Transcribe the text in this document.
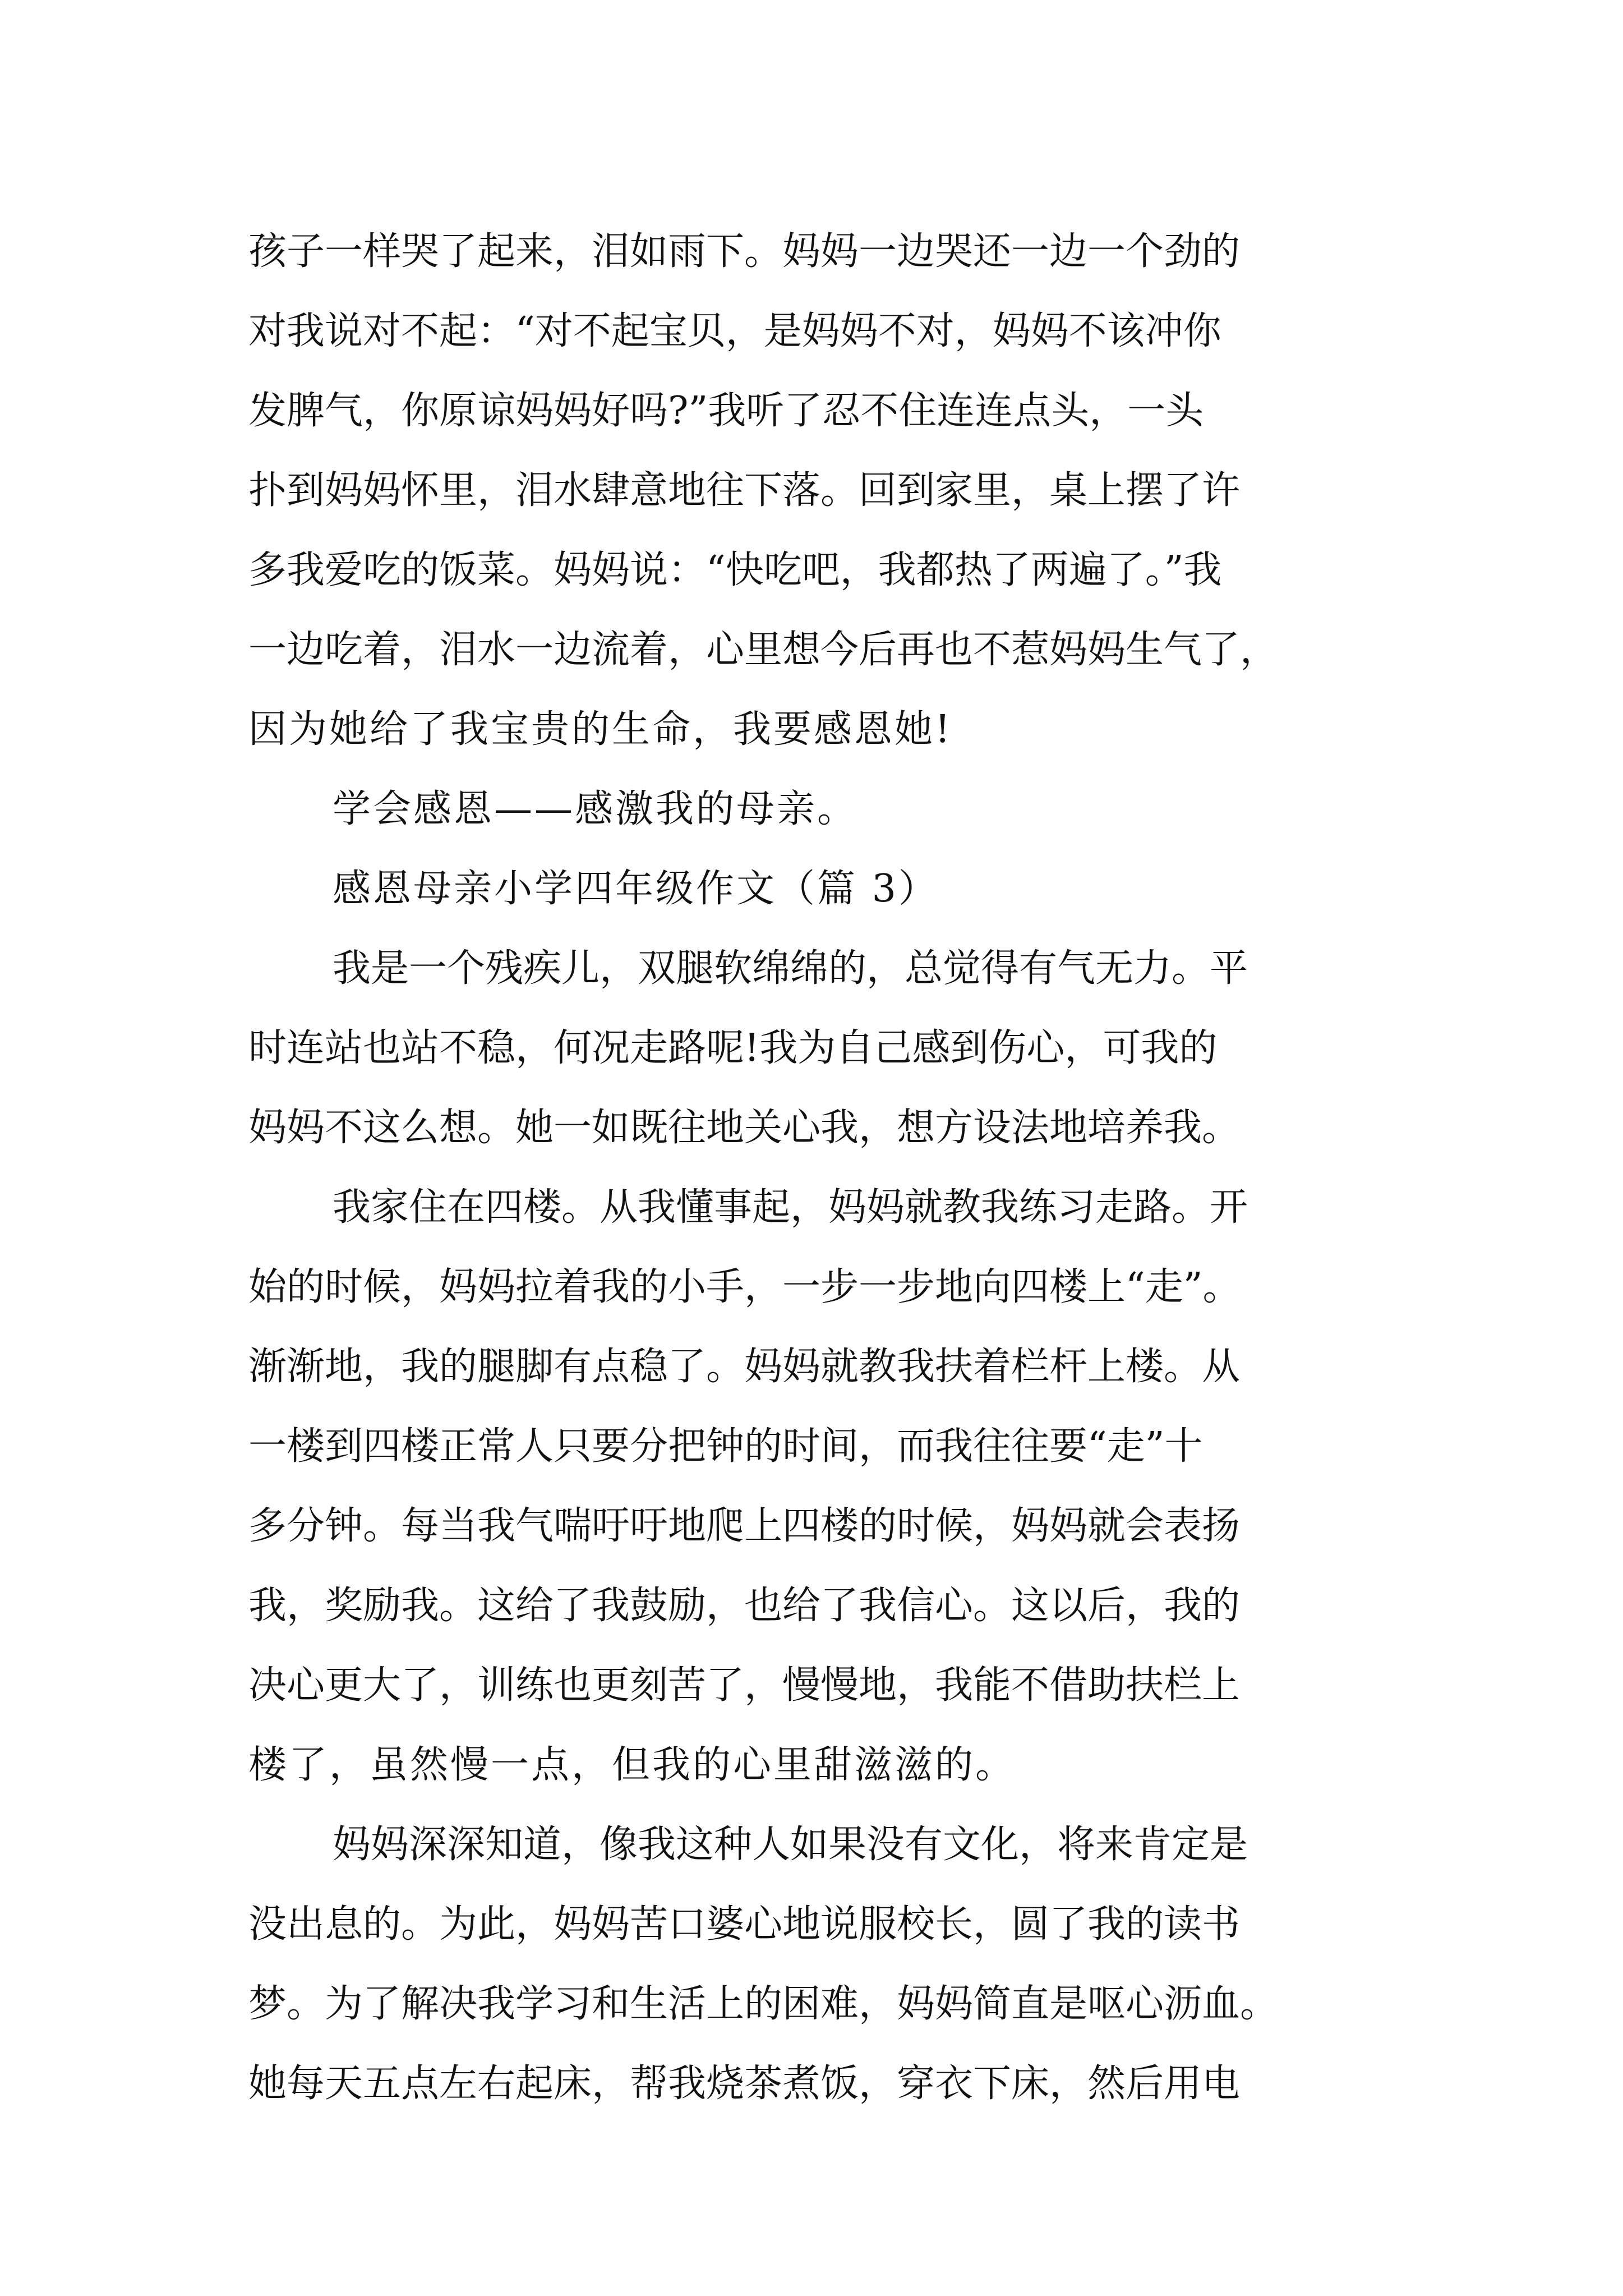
孩子一样哭了起来，泪如雨下。妈妈一边哭还一边一个劲的
对我说对不起：“对不起宝贝，是妈妈不对，妈妈不该冲你
发脾气，你原谅妈妈好吗?”我听了忍不住连连点头，一头
扑到妈妈怀里，泪水肆意地往下落。回到家里，桌上摆了许
多我爱吃的饭菜。妈妈说：“快吃吧，我都热了两遍了。”我
一边吃着，泪水一边流着，心里想今后再也不惹妈妈生气了，
因为她给了我宝贵的生命，我要感恩她!
学会感恩——感激我的母亲。
感恩母亲小学四年级作文（篇 3）
我是一个残疾儿，双腿软绵绵的，总觉得有气无力。平
时连站也站不稳，何况走路呢!我为自己感到伤心，可我的
妈妈不这么想。她一如既往地关心我，想方设法地培养我。
我家住在四楼。从我懂事起，妈妈就教我练习走路。开
始的时候，妈妈拉着我的小手，一步一步地向四楼上“走”。
渐渐地，我的腿脚有点稳了。妈妈就教我扶着栏杆上楼。从
一楼到四楼正常人只要分把钟的时间，而我往往要“走”十
多分钟。每当我气喘吁吁地爬上四楼的时候，妈妈就会表扬
我，奖励我。这给了我鼓励，也给了我信心。这以后，我的
决心更大了，训练也更刻苦了，慢慢地，我能不借助扶栏上
楼了，虽然慢一点，但我的心里甜滋滋的。
妈妈深深知道，像我这种人如果没有文化，将来肯定是
没出息的。为此，妈妈苦口婆心地说服校长，圆了我的读书
梦。为了解决我学习和生活上的困难，妈妈简直是呕心沥血。
她每天五点左右起床，帮我烧茶煮饭，穿衣下床，然后用电
